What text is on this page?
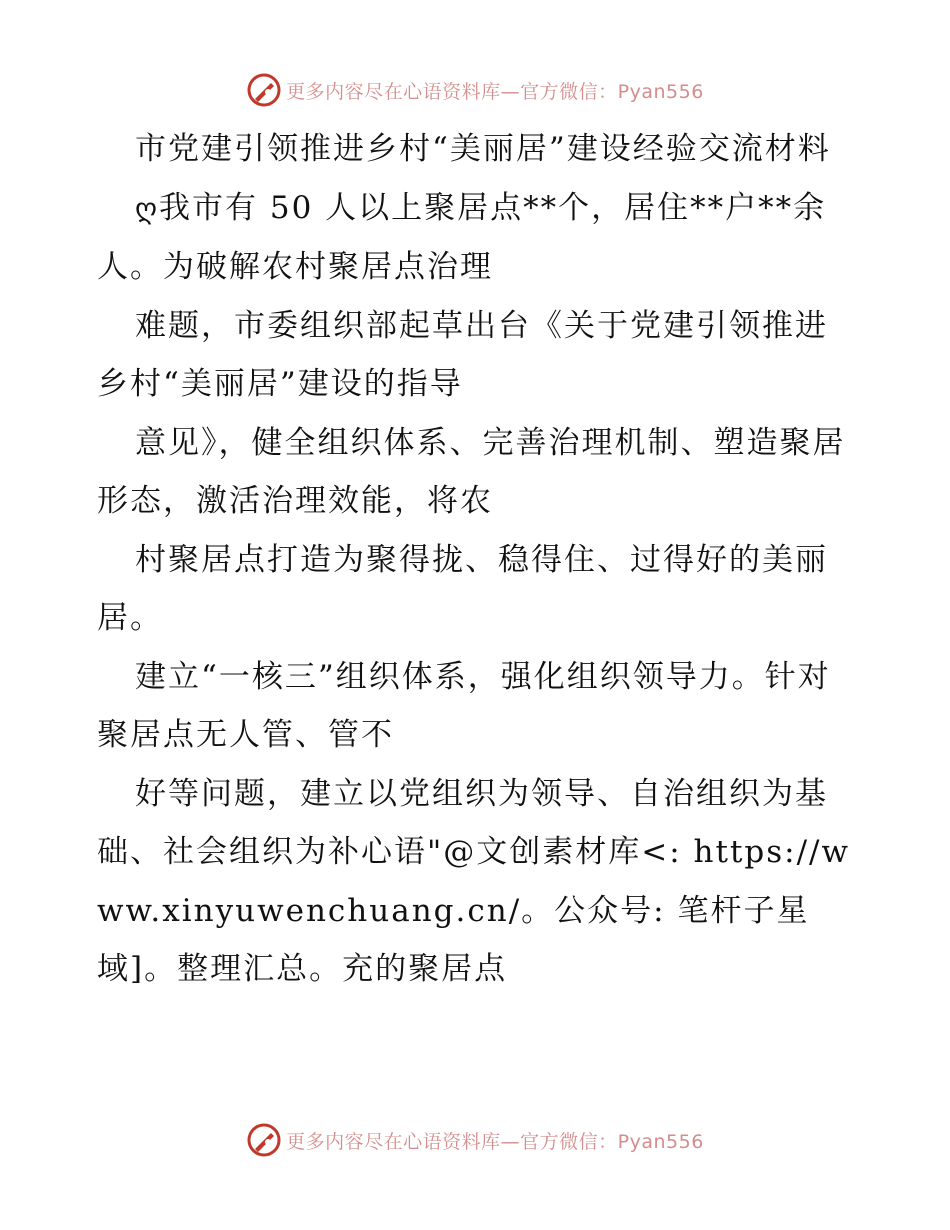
更多内容尽在心语资料库—官方微信：Pyan556

市党建引领推进乡村“美丽居”建设经验交流材料

ღ我市有 50 人以上聚居点**个，居住**户**余人。为破解农村聚居点治理

难题，市委组织部起草出台《关于党建引领推进乡村“美丽居”建设的指导

意见》，健全组织体系、完善治理机制、塑造聚居形态，激活治理效能，将农

村聚居点打造为聚得拢、稳得住、过得好的美丽居。

建立“一核三”组织体系，强化组织领导力。针对聚居点无人管、管不

好等问题，建立以党组织为领导、自治组织为基础、社会组织为补心语"@文创素材库<: https://www.xinyuwenchuang.cn/。公众号: 笔杆子星域]。整理汇总。充的聚居点

更多内容尽在心语资料库—官方微信：Pyan556
